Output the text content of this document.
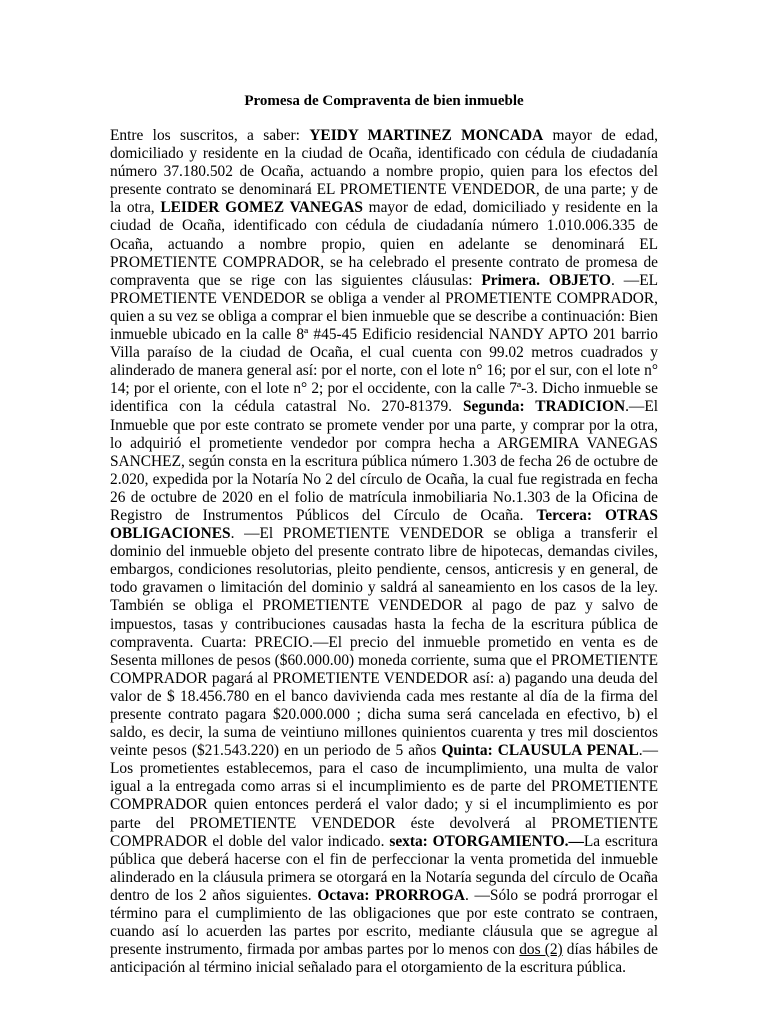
Promesa de Compraventa de bien inmueble

Entre los suscritos, a saber: YEIDY MARTINEZ MONCADA mayor de edad, domiciliado y residente en la ciudad de Ocaña, identificado con cédula de ciudadanía número 37.180.502 de Ocaña, actuando a nombre propio, quien para los efectos del presente contrato se denominará EL PROMETIENTE VENDEDOR, de una parte; y de la otra, LEIDER GOMEZ VANEGAS mayor de edad, domiciliado y residente en la ciudad de Ocaña, identificado con cédula de ciudadanía número 1.010.006.335 de Ocaña, actuando a nombre propio, quien en adelante se denominará EL PROMETIENTE COMPRADOR, se ha celebrado el presente contrato de promesa de compraventa que se rige con las siguientes cláusulas: Primera. OBJETO. —EL PROMETIENTE VENDEDOR se obliga a vender al PROMETIENTE COMPRADOR, quien a su vez se obliga a comprar el bien inmueble que se describe a continuación: Bien inmueble ubicado en la calle 8ª #45-45 Edificio residencial NANDY APTO 201 barrio Villa paraíso de la ciudad de Ocaña, el cual cuenta con 99.02 metros cuadrados y alinderado de manera general así: por el norte, con el lote n° 16; por el sur, con el lote n° 14; por el oriente, con el lote n° 2; por el occidente, con la calle 7ª-3. Dicho inmueble se identifica con la cédula catastral No. 270-81379. Segunda: TRADICION.—El Inmueble que por este contrato se promete vender por una parte, y comprar por la otra, lo adquirió el prometiente vendedor por compra hecha a ARGEMIRA VANEGAS SANCHEZ, según consta en la escritura pública número 1.303 de fecha 26 de octubre de 2.020, expedida por la Notaría No 2 del círculo de Ocaña, la cual fue registrada en fecha 26 de octubre de 2020 en el folio de matrícula inmobiliaria No.1.303 de la Oficina de Registro de Instrumentos Públicos del Círculo de Ocaña. Tercera: OTRAS OBLIGACIONES. —El PROMETIENTE VENDEDOR se obliga a transferir el dominio del inmueble objeto del presente contrato libre de hipotecas, demandas civiles, embargos, condiciones resolutorias, pleito pendiente, censos, anticresis y en general, de todo gravamen o limitación del dominio y saldrá al saneamiento en los casos de la ley. También se obliga el PROMETIENTE VENDEDOR al pago de paz y salvo de impuestos, tasas y contribuciones causadas hasta la fecha de la escritura pública de compraventa. Cuarta: PRECIO.—El precio del inmueble prometido en venta es de Sesenta millones de pesos ($60.000.00) moneda corriente, suma que el PROMETIENTE COMPRADOR pagará al PROMETIENTE VENDEDOR así: a) pagando una deuda del valor de $ 18.456.780 en el banco davivienda cada mes restante al día de la firma del presente contrato pagara $20.000.000 ; dicha suma será cancelada en efectivo, b) el saldo, es decir, la suma de veintiuno millones quinientos cuarenta y tres mil doscientos veinte pesos ($21.543.220) en un periodo de 5 años Quinta: CLAUSULA PENAL.—Los prometientes establecemos, para el caso de incumplimiento, una multa de valor igual a la entregada como arras si el incumplimiento es de parte del PROMETIENTE COMPRADOR quien entonces perderá el valor dado; y si el incumplimiento es por parte del PROMETIENTE VENDEDOR éste devolverá al PROMETIENTE COMPRADOR el doble del valor indicado. sexta: OTORGAMIENTO.—La escritura pública que deberá hacerse con el fin de perfeccionar la venta prometida del inmueble alinderado en la cláusula primera se otorgará en la Notaría segunda del círculo de Ocaña dentro de los 2 años siguientes. Octava: PRORROGA. —Sólo se podrá prorrogar el término para el cumplimiento de las obligaciones que por este contrato se contraen, cuando así lo acuerden las partes por escrito, mediante cláusula que se agregue al presente instrumento, firmada por ambas partes por lo menos con dos (2) días hábiles de anticipación al término inicial señalado para el otorgamiento de la escritura pública.
